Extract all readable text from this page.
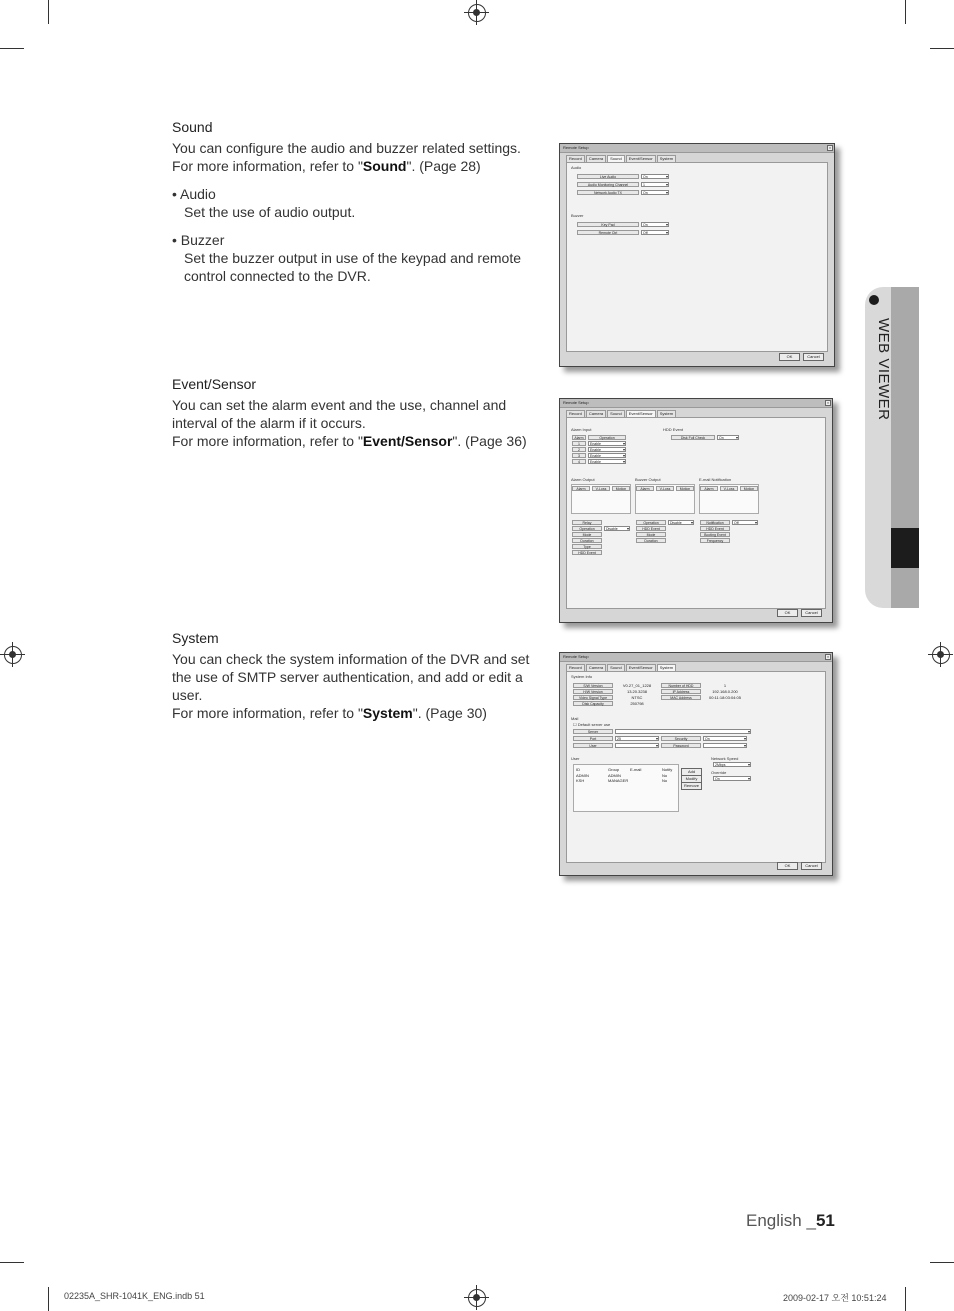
Sound
You can configure the audio and buzzer related settings.
For more information, refer to "Sound". (Page 28)
• Audio
Set the use of audio output.
• Buzzer
Set the buzzer output in use of the keypad and remote control connected to the DVR.
Event/Sensor
You can set the alarm event and the use, channel and interval of the alarm if it occurs.
For more information, refer to "Event/Sensor". (Page 36)
System
You can check the system information of the DVR and set the use of SMTP server authentication, and add or edit a user.
For more information, refer to "System". (Page 30)
Remote Setup	×
Record	Camera	Sound	Event/Sensor	System
Audio
Live Audio	On ▾
Audio Monitoring Channel	1 ▾
Network Audio TX	On ▾
Buzzer
Key Pad	On ▾
Remote Ctrl	Off ▾
OK	Cancel
Remote Setup	×
Record	Camera	Sound	Event/Sensor	System
Alarm Input
Alarm	Operation
1	Enable ▾
2	Enable ▾
3	Enable ▾
4	Enable ▾
HDD Event
Disk Full Check	On ▾
Alarm Output	Buzzer Output	E-mail Notification
Alarm	V-Loss	Motion	Alarm	V-Loss	Motion	Alarm	V-Loss	Motion
Relay
Operation	Disable ▾
Mode
Duration
Type
HDD Event
Operation	Disable ▾
HDD Event
Mode
Duration
Notification	Off ▾
HDD Event
Booting Event
Frequency
OK	Cancel
Remote Setup	×
Record	Camera	Sound	Event/Sensor	System
System Info
S/W Version	V0.27_01_1228	Number of HDD	1
H/W Version	13.20.3238	IP Address	192.168.0.200
Video Signal Type	NTSC	MAC Address	00:11:18:03:04:05
Disk Capacity	250798
Mail
☐ Default server use
Server
▾
Port	25 ▾	Security	On ▾
User
▾	Password
▾
User
ID	Group	E-mail	Notify
ADMIN	ADMIN	No
KSH	MANAGER	No
Add
Modify
Remove
Network Speed
2Mbps ▾
Override
On ▾
OK	Cancel
WEB VIEWER
English _51
02235A_SHR-1041K_ENG.indb 51	2009-02-17 오전 10:51:24
